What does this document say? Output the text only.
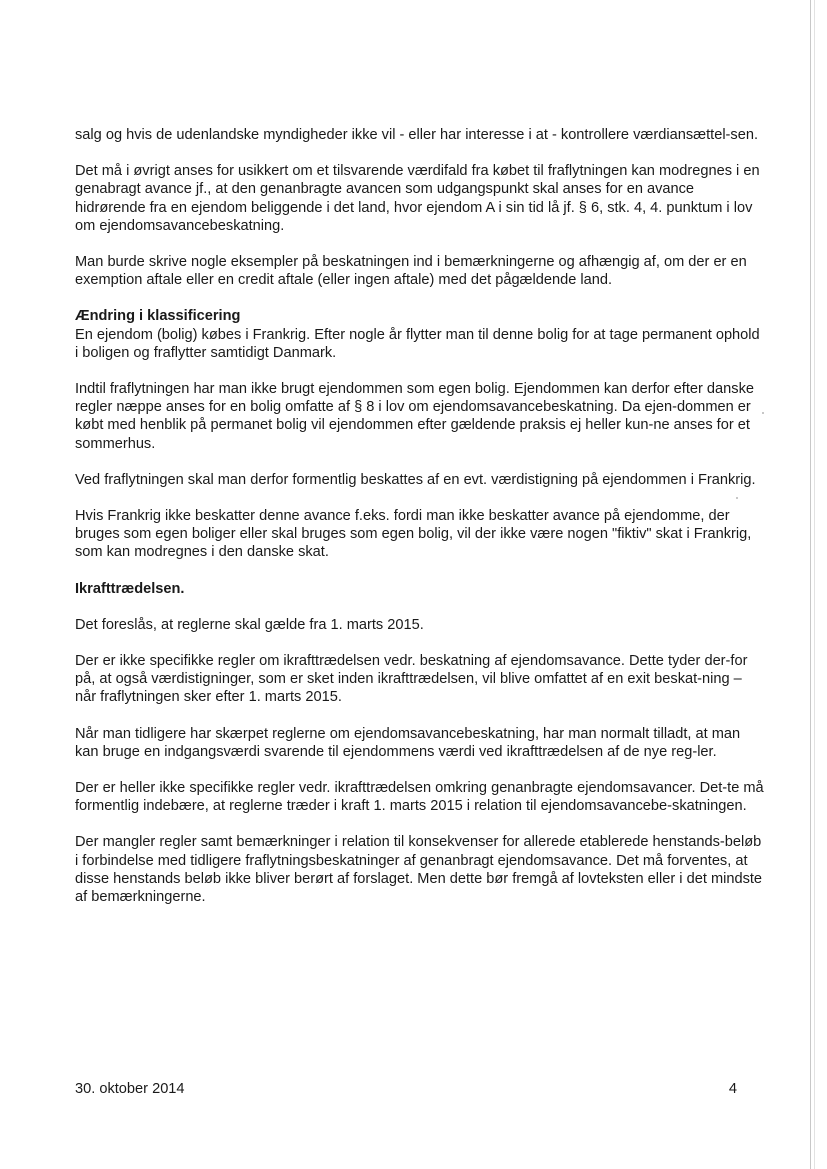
salg og hvis de udenlandske myndigheder ikke vil - eller har interesse i at - kontrollere værdiansættel-sen.

Det må i øvrigt anses for usikkert om et tilsvarende værdifald fra købet til fraflytningen kan modregnes i en genabragt avance jf., at den genanbragte avancen som udgangspunkt skal anses for en avance hidrørende fra en ejendom beliggende i det land, hvor ejendom A i sin tid lå jf. § 6, stk. 4, 4. punktum i lov om ejendomsavancebeskatning.

Man burde skrive nogle eksempler på beskatningen ind i bemærkningerne og afhængig af, om der er en exemption aftale eller en credit aftale (eller ingen aftale) med det pågældende land.

Ændring i klassificering

En ejendom (bolig) købes i Frankrig. Efter nogle år flytter man til denne bolig for at tage permanent ophold i boligen og fraflytter samtidigt Danmark.

Indtil fraflytningen har man ikke brugt ejendommen som egen bolig. Ejendommen kan derfor efter danske regler næppe anses for en bolig omfatte af § 8 i lov om ejendomsavancebeskatning. Da ejen-dommen er købt med henblik på permanet bolig vil ejendommen efter gældende praksis ej heller kun-ne anses for et sommerhus.

Ved fraflytningen skal man derfor formentlig beskattes af en evt. værdistigning på ejendommen i Frankrig.

Hvis Frankrig ikke beskatter denne avance f.eks. fordi man ikke beskatter avance på ejendomme, der bruges som egen boliger eller skal bruges som egen bolig, vil der ikke være nogen "fiktiv" skat i Frankrig, som kan modregnes i den danske skat.

Ikrafttrædelsen.

Det foreslås, at reglerne skal gælde fra 1. marts 2015.

Der er ikke specifikke regler om ikrafttrædelsen vedr. beskatning af ejendomsavance. Dette tyder der-for på, at også værdistigninger, som er sket inden ikrafttrædelsen, vil blive omfattet af en exit beskat-ning – når fraflytningen sker efter 1. marts 2015.

Når man tidligere har skærpet reglerne om ejendomsavancebeskatning, har man normalt tilladt, at man kan bruge en indgangsværdi svarende til ejendommens værdi ved ikrafttrædelsen af de nye reg-ler.

Der er heller ikke specifikke regler vedr. ikrafttrædelsen omkring genanbragte ejendomsavancer. Det-te må formentlig indebære, at reglerne træder i kraft 1. marts 2015 i relation til ejendomsavancebe-skatningen.

Der mangler regler samt bemærkninger i relation til konsekvenser for allerede etablerede henstands-beløb i forbindelse med tidligere fraflytningsbeskatninger af genanbragt ejendomsavance. Det må forventes, at disse henstands beløb ikke bliver berørt af forslaget. Men dette bør fremgå af lovteksten eller i det mindste af bemærkningerne.

30. oktober 2014	4
